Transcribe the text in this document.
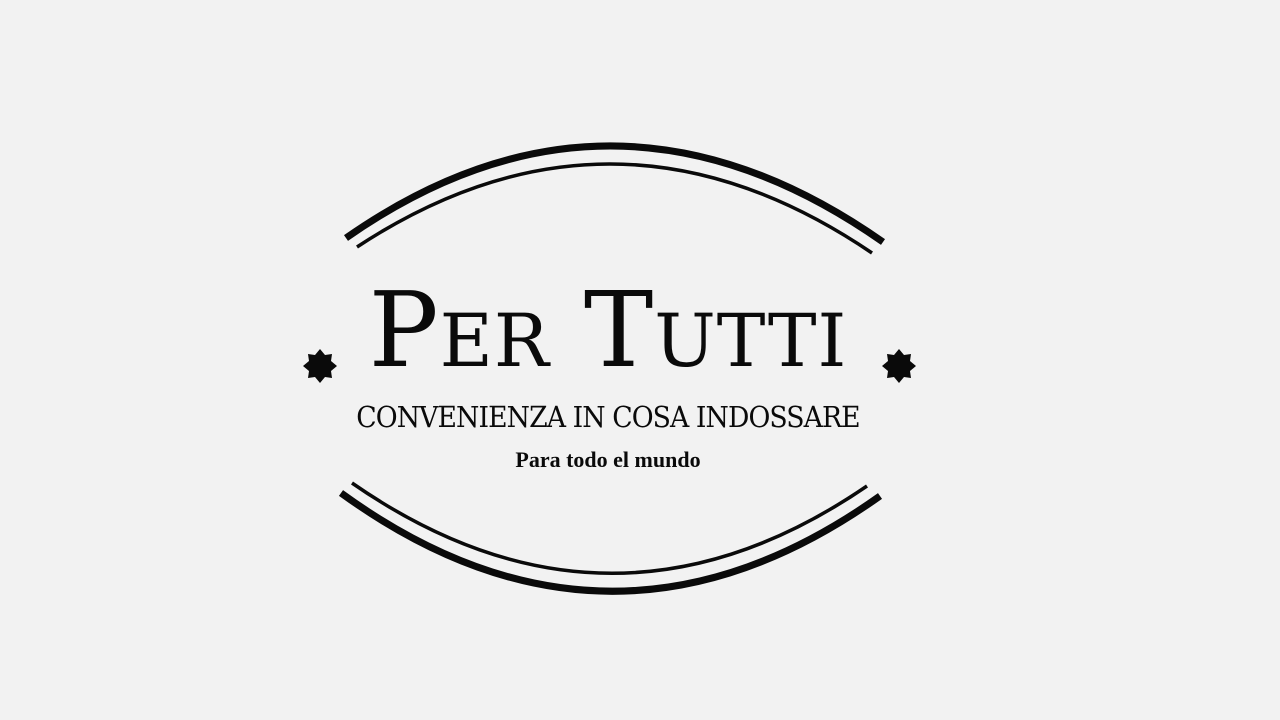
Per Tutti
CONVENIENZA IN COSA INDOSSARE
Para todo el mundo
